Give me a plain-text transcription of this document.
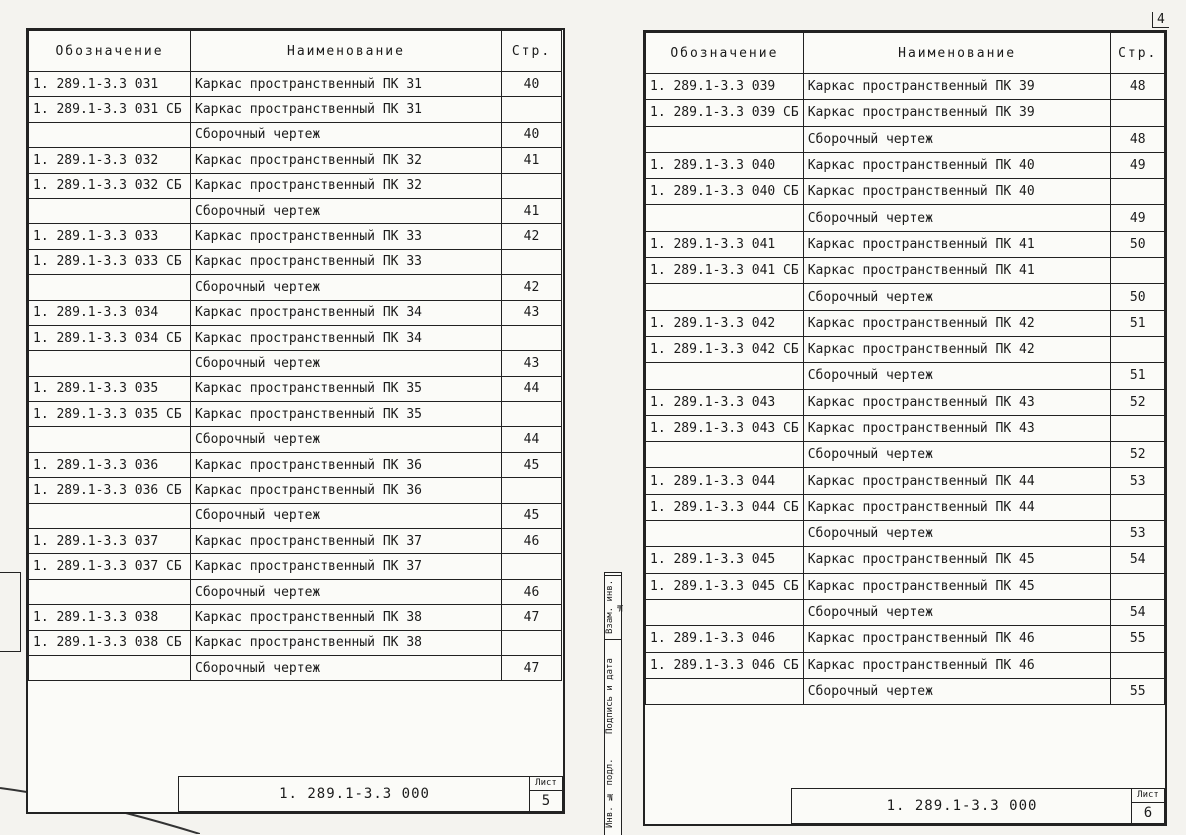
Обозначение	Наименование	Стр.
1. 289.1-3.3 031	Каркас пространственный ПК 31	40
1. 289.1-3.3 031 СБ	Каркас пространственный ПК 31	
	Сборочный чертеж	40
1. 289.1-3.3 032	Каркас пространственный ПК 32	41
1. 289.1-3.3 032 СБ	Каркас пространственный ПК 32	
	Сборочный чертеж	41
1. 289.1-3.3 033	Каркас пространственный ПК 33	42
1. 289.1-3.3 033 СБ	Каркас пространственный ПК 33	
	Сборочный чертеж	42
1. 289.1-3.3 034	Каркас пространственный ПК 34	43
1. 289.1-3.3 034 СБ	Каркас пространственный ПК 34	
	Сборочный чертеж	43
1. 289.1-3.3 035	Каркас пространственный ПК 35	44
1. 289.1-3.3 035 СБ	Каркас пространственный ПК 35	
	Сборочный чертеж	44
1. 289.1-3.3 036	Каркас пространственный ПК 36	45
1. 289.1-3.3 036 СБ	Каркас пространственный ПК 36	
	Сборочный чертеж	45
1. 289.1-3.3 037	Каркас пространственный ПК 37	46
1. 289.1-3.3 037 СБ	Каркас пространственный ПК 37	
	Сборочный чертеж	46
1. 289.1-3.3 038	Каркас пространственный ПК 38	47
1. 289.1-3.3 038 СБ	Каркас пространственный ПК 38	
	Сборочный чертеж	47
1. 289.1-3.3 000
Лист
5
Взам. инв. №
Подпись и дата
Инв. № подл.
Обозначение	Наименование	Стр.
1. 289.1-3.3 039	Каркас пространственный ПК 39	48
1. 289.1-3.3 039 СБ	Каркас пространственный ПК 39	
	Сборочный чертеж	48
1. 289.1-3.3 040	Каркас пространственный ПК 40	49
1. 289.1-3.3 040 СБ	Каркас пространственный ПК 40	
	Сборочный чертеж	49
1. 289.1-3.3 041	Каркас пространственный ПК 41	50
1. 289.1-3.3 041 СБ	Каркас пространственный ПК 41	
	Сборочный чертеж	50
1. 289.1-3.3 042	Каркас пространственный ПК 42	51
1. 289.1-3.3 042 СБ	Каркас пространственный ПК 42	
	Сборочный чертеж	51
1. 289.1-3.3 043	Каркас пространственный ПК 43	52
1. 289.1-3.3 043 СБ	Каркас пространственный ПК 43	
	Сборочный чертеж	52
1. 289.1-3.3 044	Каркас пространственный ПК 44	53
1. 289.1-3.3 044 СБ	Каркас пространственный ПК 44	
	Сборочный чертеж	53
1. 289.1-3.3 045	Каркас пространственный ПК 45	54
1. 289.1-3.3 045 СБ	Каркас пространственный ПК 45	
	Сборочный чертеж	54
1. 289.1-3.3 046	Каркас пространственный ПК 46	55
1. 289.1-3.3 046 СБ	Каркас пространственный ПК 46	
	Сборочный чертеж	55
1. 289.1-3.3 000
Лист
6
4
